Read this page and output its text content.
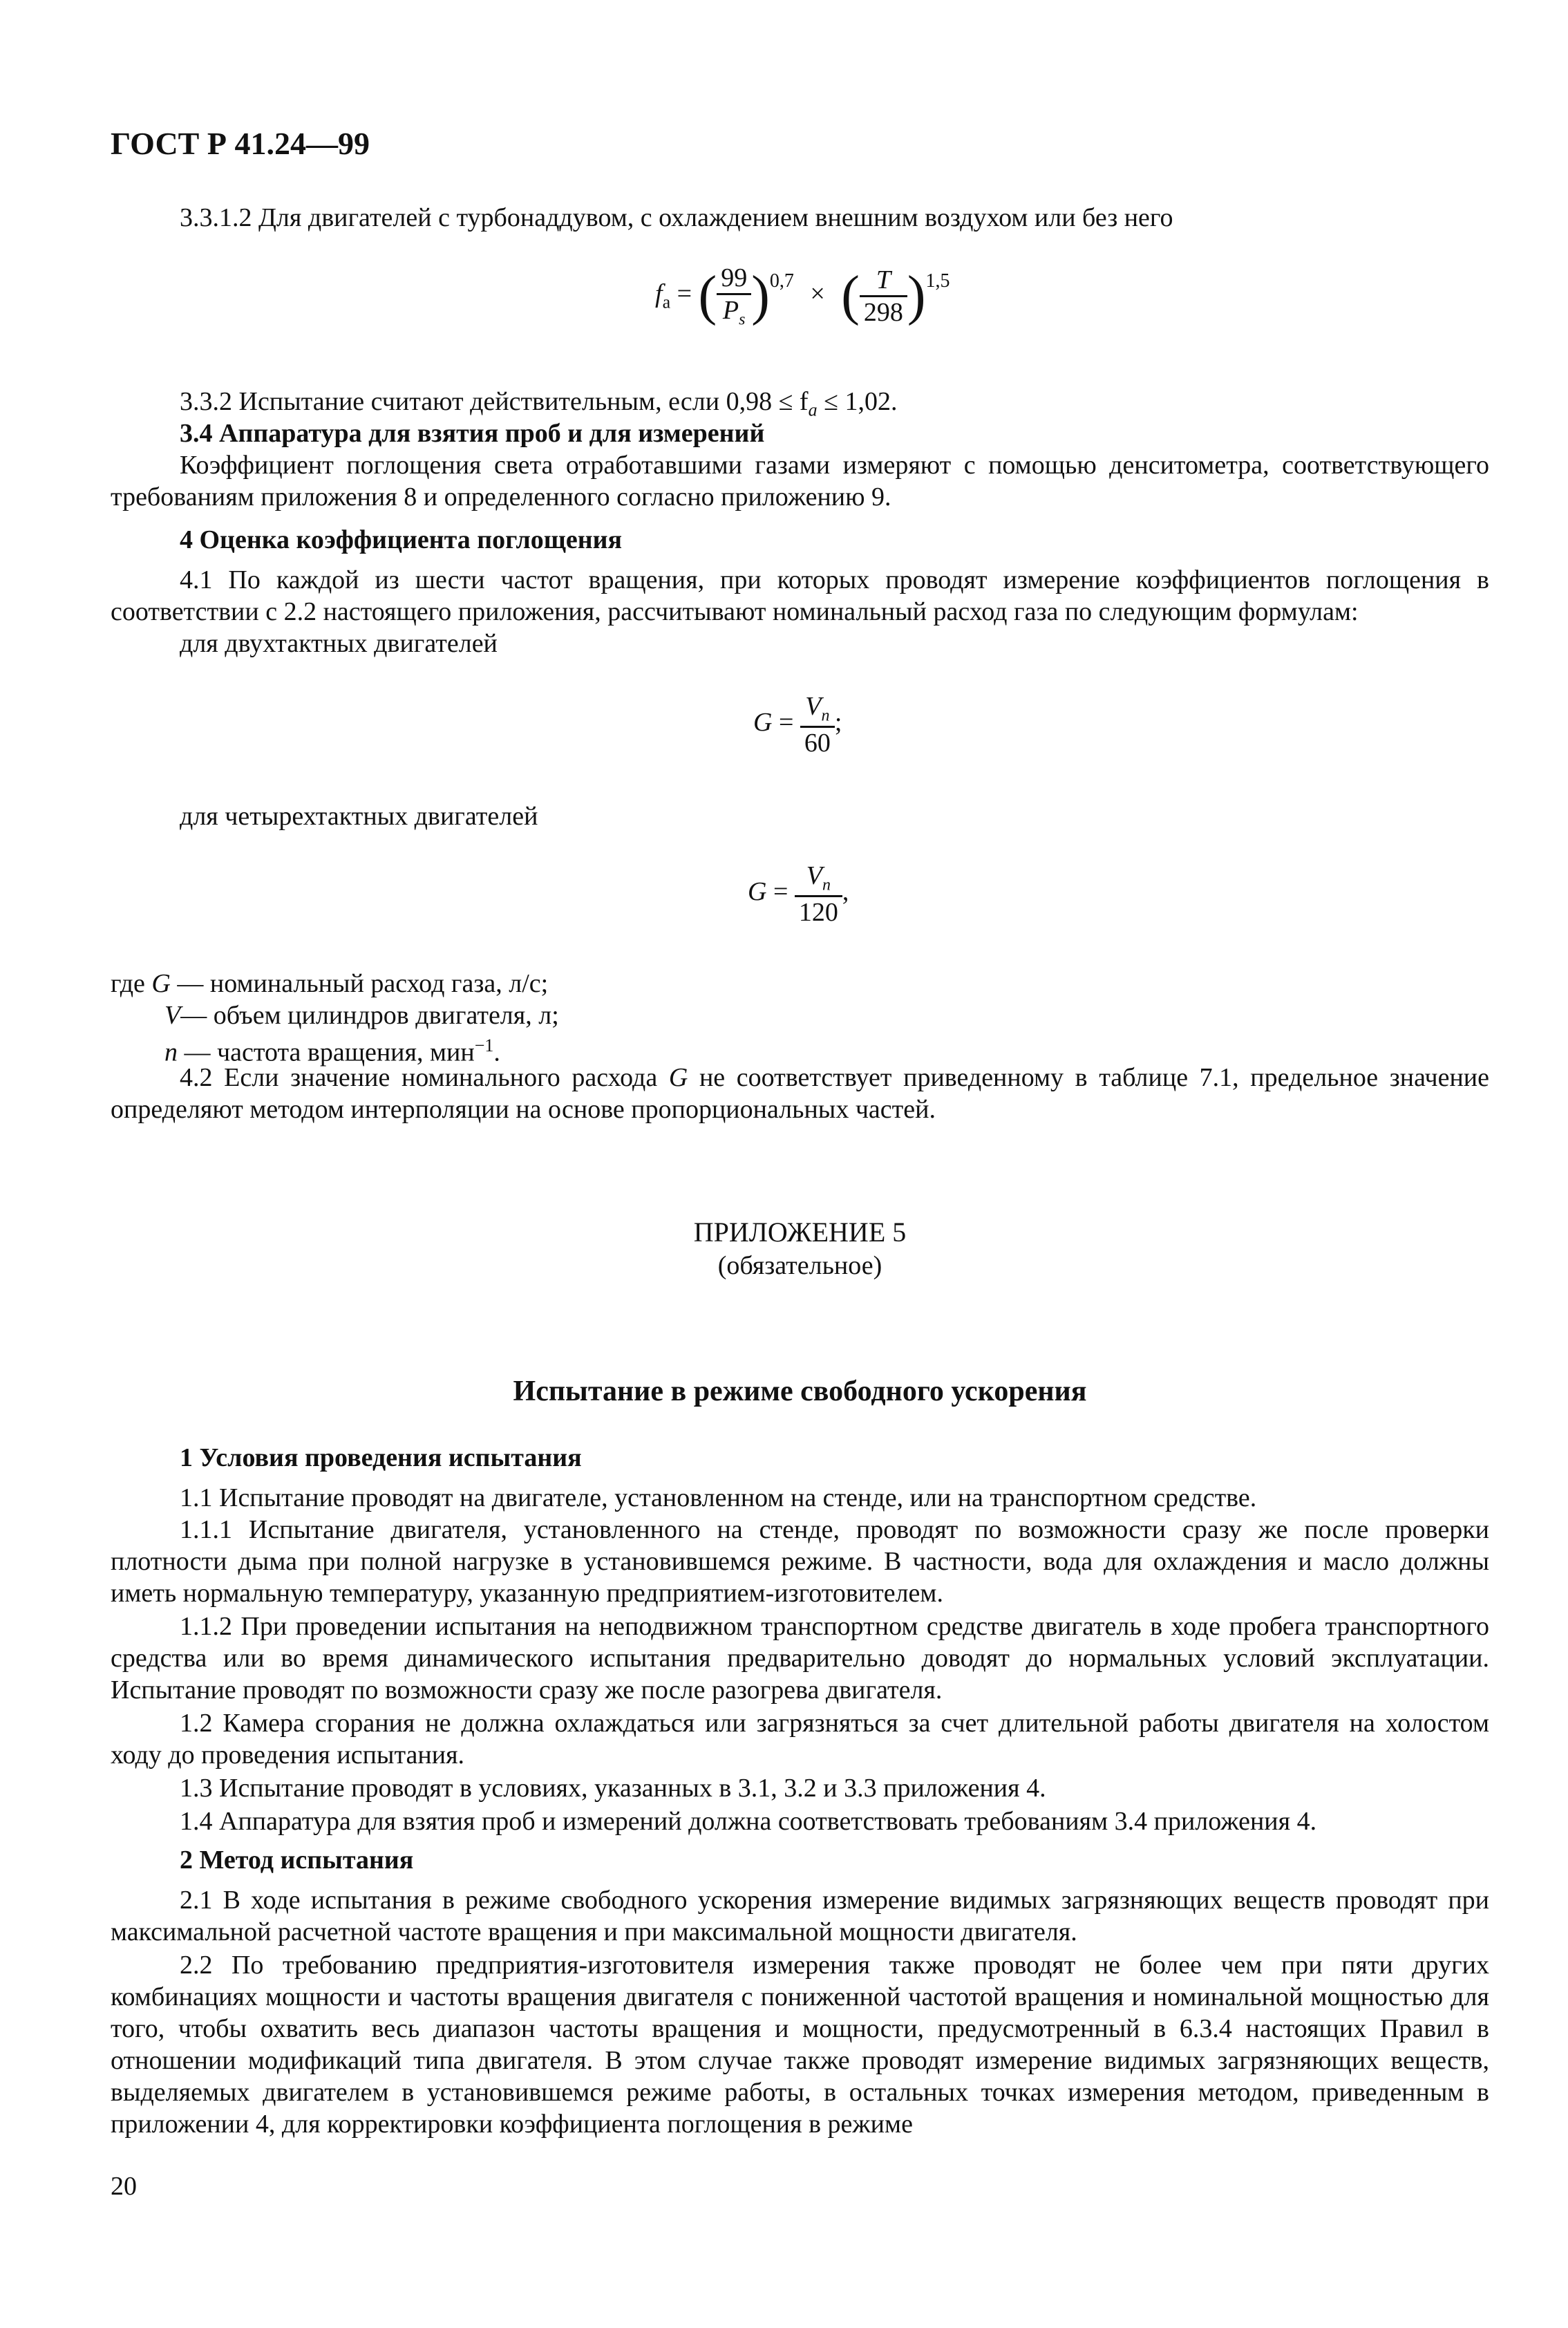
ГОСТ Р 41.24—99
3.3.1.2 Для двигателей с турбонаддувом, с охлаждением внешним воздухом или без него
$f_a$ = ( $\frac{99}{P_s} )^{0,7}$ × ( $\frac{T}{298} )^{1,5}$
3.3.2 Испытание считают действительным, если $0,98 \le f_a \le 1,02$.
3.4 Аппаратура для взятия проб и для измерений
Коэффициент поглощения света отработавшими газами измеряют с помощью денситометра, соответствующего требованиям приложения 8 и определенного согласно приложению 9.
4 Оценка коэффициента поглощения
4.1 По каждой из шести частот вращения, при которых проводят измерение коэффициентов поглощения в соответствии с 2.2 настоящего приложения, рассчитывают номинальный расход газа по следующим формулам:
для двухтактных двигателей
$G = \frac{V_n}{60}$ ;
для четырехтактных двигателей
$G = \frac{V_n}{120}$ ,
где G — номинальный расход газа, л/с;
V— объем цилиндров двигателя, л;
n — частота вращения, мин$^{-1}$.
4.2 Если значение номинального расхода G не соответствует приведенному в таблице 7.1, предельное значение определяют методом интерполяции на основе пропорциональных частей.
ПРИЛОЖЕНИЕ 5
(обязательное)
Испытание в режиме свободного ускорения
1 Условия проведения испытания
1.1 Испытание проводят на двигателе, установленном на стенде, или на транспортном средстве.
1.1.1 Испытание двигателя, установленного на стенде, проводят по возможности сразу же после проверки плотности дыма при полной нагрузке в установившемся режиме. В частности, вода для охлаждения и масло должны иметь нормальную температуру, указанную предприятием-изготовителем.
1.1.2 При проведении испытания на неподвижном транспортном средстве двигатель в ходе пробега транспортного средства или во время динамического испытания предварительно доводят до нормальных условий эксплуатации. Испытание проводят по возможности сразу же после разогрева двигателя.
1.2 Камера сгорания не должна охлаждаться или загрязняться за счет длительной работы двигателя на холостом ходу до проведения испытания.
1.3 Испытание проводят в условиях, указанных в 3.1, 3.2 и 3.3 приложения 4.
1.4 Аппаратура для взятия проб и измерений должна соответствовать требованиям 3.4 приложения 4.
2 Метод испытания
2.1 В ходе испытания в режиме свободного ускорения измерение видимых загрязняющих веществ проводят при максимальной расчетной частоте вращения и при максимальной мощности двигателя.
2.2 По требованию предприятия-изготовителя измерения также проводят не более чем при пяти других комбинациях мощности и частоты вращения двигателя с пониженной частотой вращения и номинальной мощностью для того, чтобы охватить весь диапазон частоты вращения и мощности, предусмотренный в 6.3.4 настоящих Правил в отношении модификаций типа двигателя. В этом случае также проводят измерение видимых загрязняющих веществ, выделяемых двигателем в установившемся режиме работы, в остальных точках измерения методом, приведенным в приложении 4, для корректировки коэффициента поглощения в режиме
20
